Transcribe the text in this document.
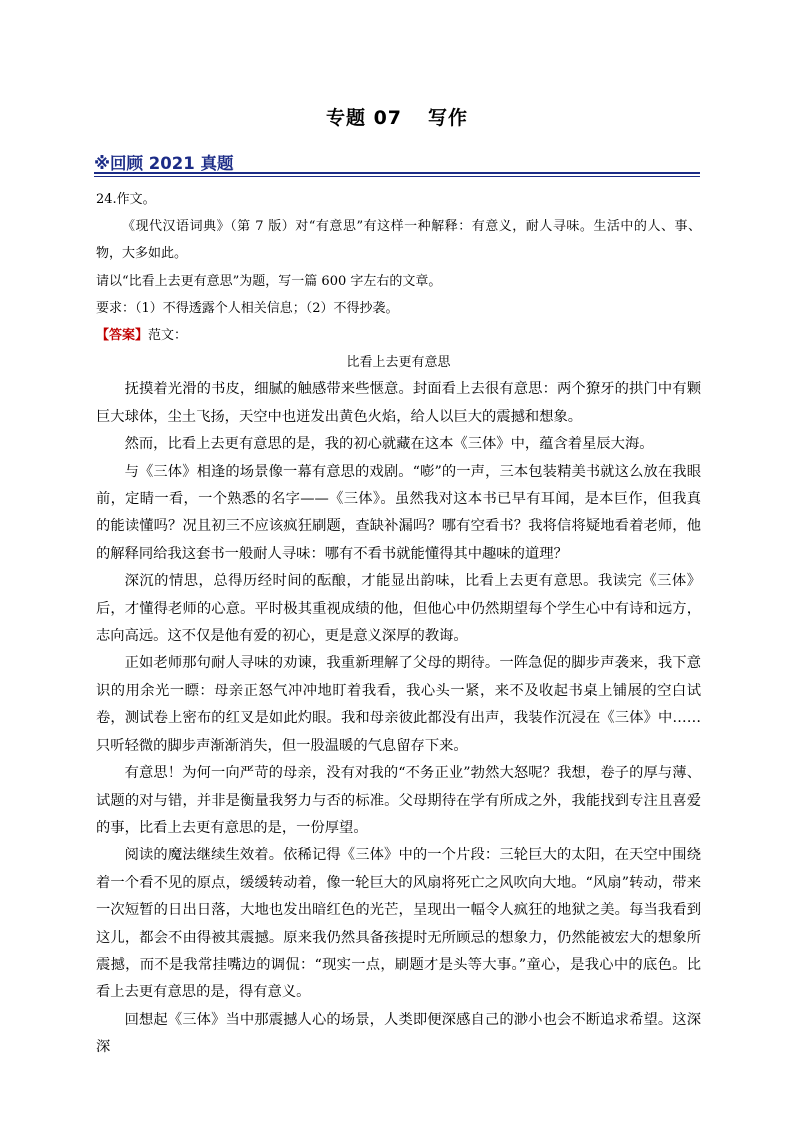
专题 07 写作
※回顾 2021 真题

24.作文。

《现代汉语词典》（第 7 版）对“有意思”有这样一种解释：有意义，耐人寻味。生活中的人、事、物，大多如此。

请以“比看上去更有意思”为题，写一篇 600 字左右的文章。

要求：（1）不得透露个人相关信息；（2）不得抄袭。

【答案】范文：

比看上去更有意思

抚摸着光滑的书皮，细腻的触感带来些惬意。封面看上去很有意思：两个獠牙的拱门中有颗巨大球体，尘土飞扬，天空中也迸发出黄色火焰，给人以巨大的震撼和想象。

然而，比看上去更有意思的是，我的初心就藏在这本《三体》中，蕴含着星辰大海。

与《三体》相逢的场景像一幕有意思的戏剧。“嘭”的一声，三本包装精美书就这么放在我眼前，定睛一看，一个熟悉的名字——《三体》。虽然我对这本书已早有耳闻，是本巨作，但我真的能读懂吗？况且初三不应该疯狂刷题，查缺补漏吗？哪有空看书？我将信将疑地看着老师，他的解释同给我这套书一般耐人寻味：哪有不看书就能懂得其中趣味的道理？

深沉的情思，总得历经时间的酝酿，才能显出韵味，比看上去更有意思。我读完《三体》后，才懂得老师的心意。平时极其重视成绩的他，但他心中仍然期望每个学生心中有诗和远方，志向高远。这不仅是他有爱的初心，更是意义深厚的教诲。

正如老师那句耐人寻味的劝谏，我重新理解了父母的期待。一阵急促的脚步声袭来，我下意识的用余光一瞟：母亲正怒气冲冲地盯着我看，我心头一紧，来不及收起书桌上铺展的空白试卷，测试卷上密布的红叉是如此灼眼。我和母亲彼此都没有出声，我装作沉浸在《三体》中……只听轻微的脚步声渐渐消失，但一股温暖的气息留存下来。

有意思！为何一向严苛的母亲，没有对我的“不务正业”勃然大怒呢？我想，卷子的厚与薄、试题的对与错，并非是衡量我努力与否的标准。父母期待在学有所成之外，我能找到专注且喜爱的事，比看上去更有意思的是，一份厚望。

阅读的魔法继续生效着。依稀记得《三体》中的一个片段：三轮巨大的太阳，在天空中围绕着一个看不见的原点，缓缓转动着，像一轮巨大的风扇将死亡之风吹向大地。“风扇”转动，带来一次短暂的日出日落，大地也发出暗红色的光芒，呈现出一幅令人疯狂的地狱之美。每当我看到这儿，都会不由得被其震撼。原来我仍然具备孩提时无所顾忌的想象力，仍然能被宏大的想象所震撼，而不是我常挂嘴边的调侃：“现实一点，刷题才是头等大事。”童心，是我心中的底色。比看上去更有意思的是，得有意义。

回想起《三体》当中那震撼人心的场景，人类即便深感自己的渺小也会不断追求希望。这深深
